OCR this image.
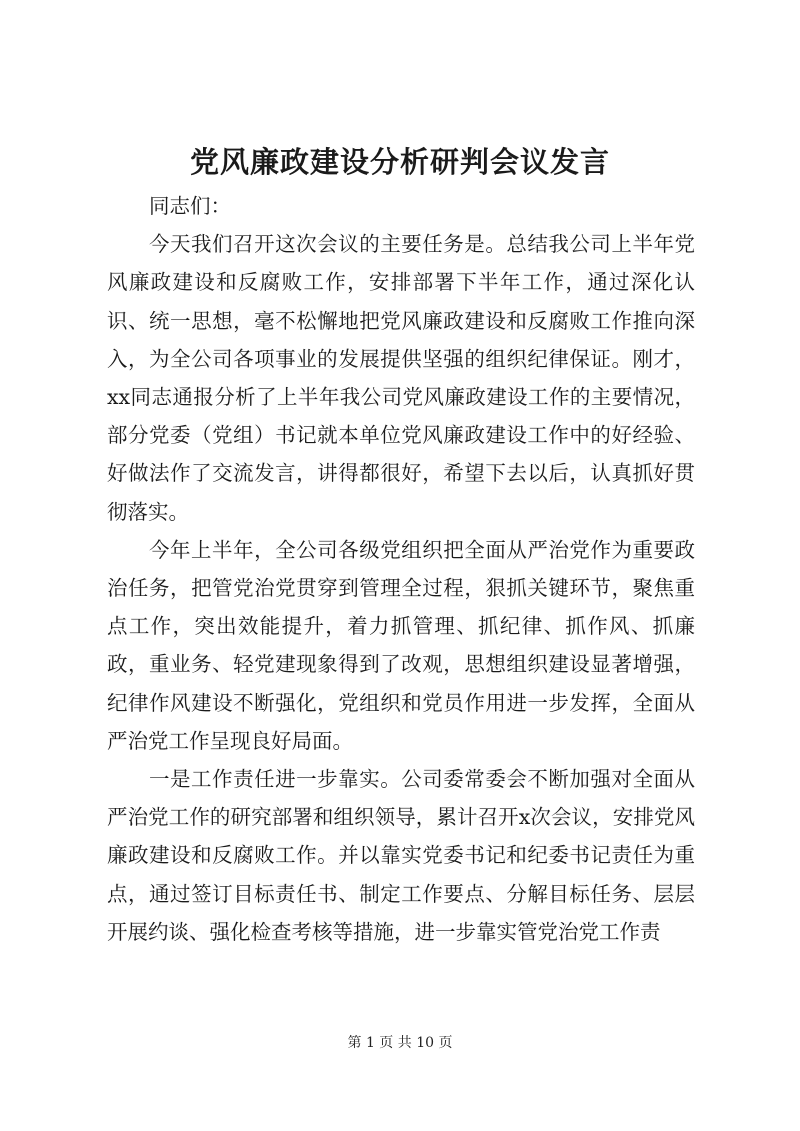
党风廉政建设分析研判会议发言

同志们：

今天我们召开这次会议的主要任务是。总结我公司上半年党风廉政建设和反腐败工作，安排部署下半年工作，通过深化认识、统一思想，毫不松懈地把党风廉政建设和反腐败工作推向深入，为全公司各项事业的发展提供坚强的组织纪律保证。刚才，xx同志通报分析了上半年我公司党风廉政建设工作的主要情况，部分党委（党组）书记就本单位党风廉政建设工作中的好经验、好做法作了交流发言，讲得都很好，希望下去以后，认真抓好贯彻落实。

今年上半年，全公司各级党组织把全面从严治党作为重要政治任务，把管党治党贯穿到管理全过程，狠抓关键环节，聚焦重点工作，突出效能提升，着力抓管理、抓纪律、抓作风、抓廉政，重业务、轻党建现象得到了改观，思想组织建设显著增强，纪律作风建设不断强化，党组织和党员作用进一步发挥，全面从严治党工作呈现良好局面。

一是工作责任进一步靠实。公司委常委会不断加强对全面从严治党工作的研究部署和组织领导，累计召开x次会议，安排党风廉政建设和反腐败工作。并以靠实党委书记和纪委书记责任为重点，通过签订目标责任书、制定工作要点、分解目标任务、层层开展约谈、强化检查考核等措施，进一步靠实管党治党工作责

第 1 页 共 10 页
